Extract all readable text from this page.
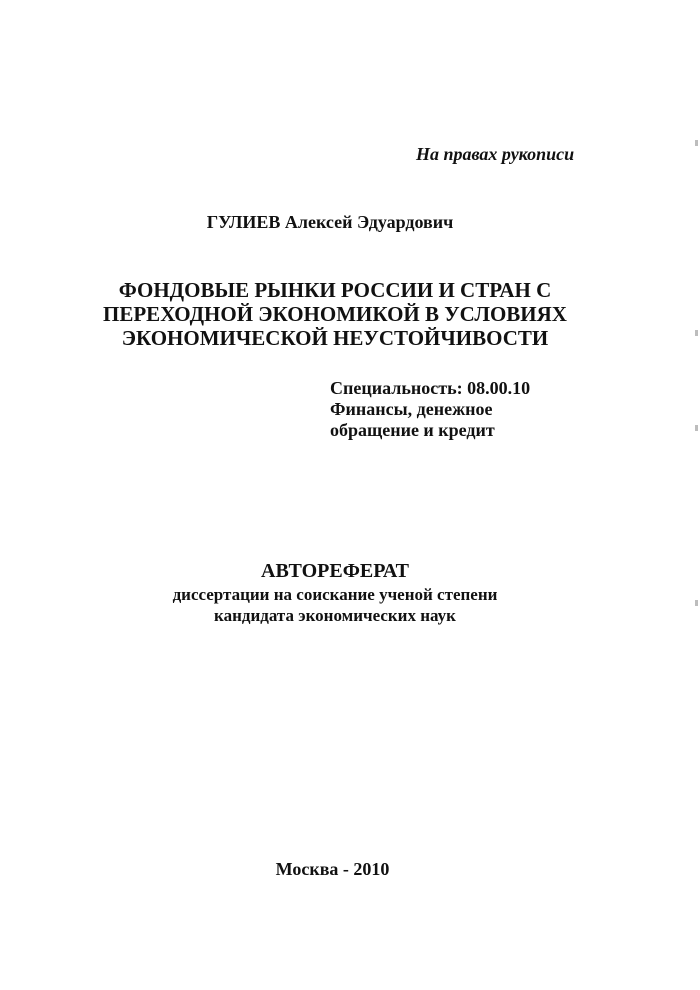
На правах рукописи

ГУЛИЕВ Алексей Эдуардович

ФОНДОВЫЕ РЫНКИ РОССИИ И СТРАН С
ПЕРЕХОДНОЙ ЭКОНОМИКОЙ В УСЛОВИЯХ
ЭКОНОМИЧЕСКОЙ НЕУСТОЙЧИВОСТИ
Специальность: 08.00.10
Финансы, денежное
обращение и кредит
АВТОРЕФЕРАТ
диссертации на соискание ученой степени
кандидата экономических наук

Москва - 2010
